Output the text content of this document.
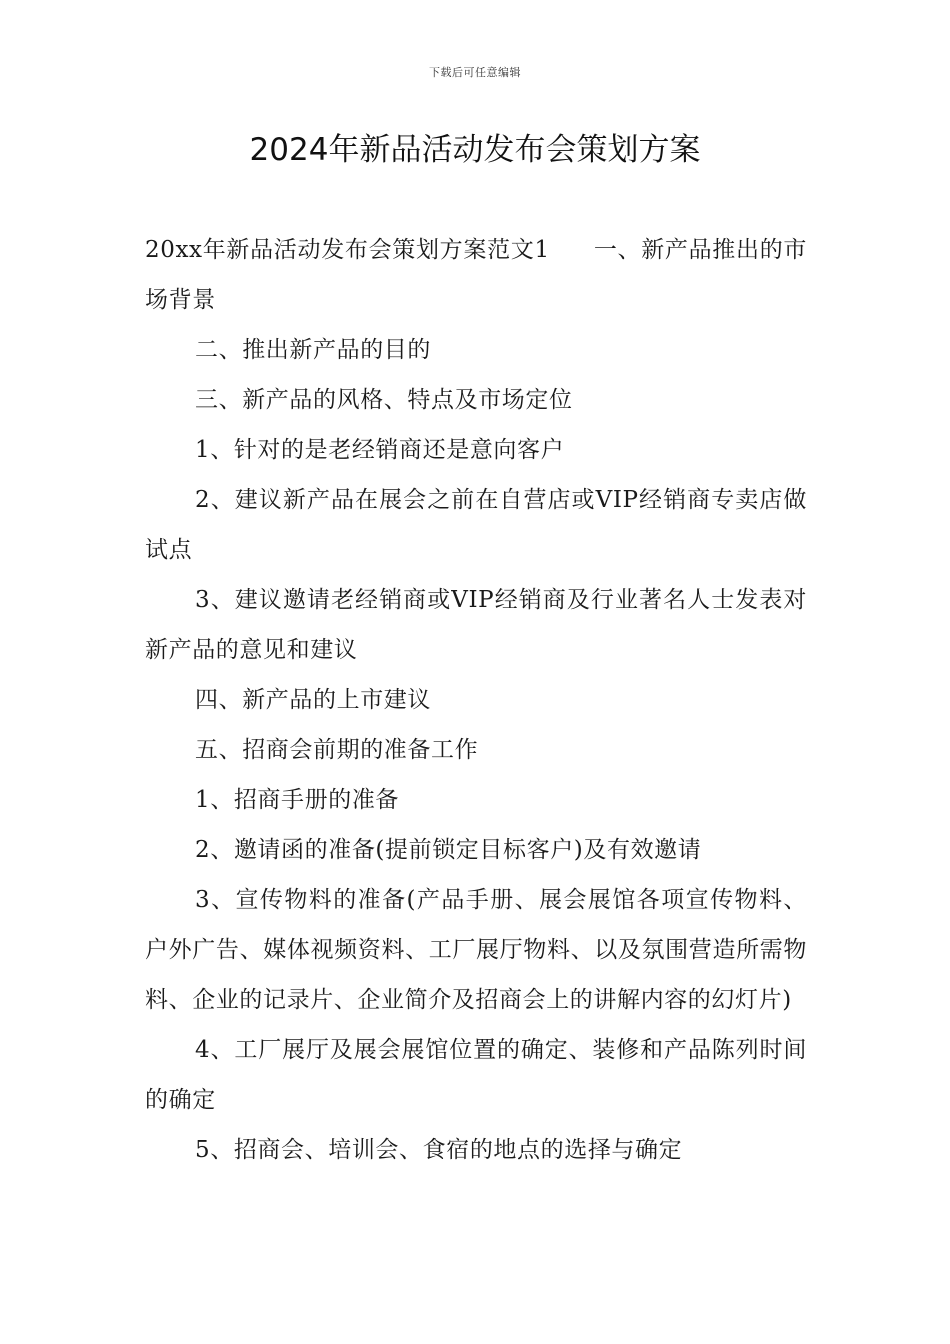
下载后可任意编辑
2024年新品活动发布会策划方案

20xx年新品活动发布会策划方案范文1 一、新产品推出的市场背景

二、推出新产品的目的

三、新产品的风格、特点及市场定位

1、针对的是老经销商还是意向客户

2、建议新产品在展会之前在自营店或VIP经销商专卖店做试点

3、建议邀请老经销商或VIP经销商及行业著名人士发表对新产品的意见和建议

四、新产品的上市建议

五、招商会前期的准备工作

1、招商手册的准备

2、邀请函的准备(提前锁定目标客户)及有效邀请

3、宣传物料的准备(产品手册、展会展馆各项宣传物料、户外广告、媒体视频资料、工厂展厅物料、以及氛围营造所需物料、企业的记录片、企业简介及招商会上的讲解内容的幻灯片)

4、工厂展厅及展会展馆位置的确定、装修和产品陈列时间的确定

5、招商会、培训会、食宿的地点的选择与确定
